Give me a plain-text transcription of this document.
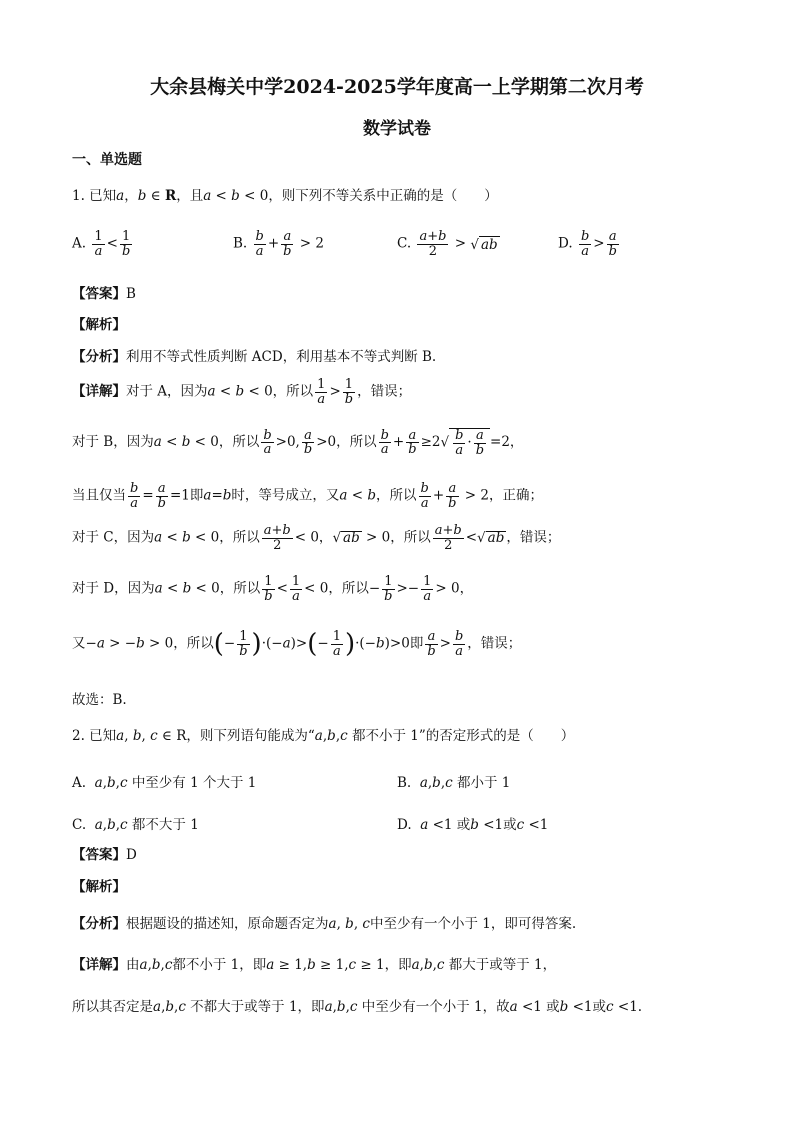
大余县梅关中学2024-2025学年度高一上学期第二次月考
数学试卷
一、单选题
1. 已知a，b ∈ R，且a < b < 0，则下列不等关系中正确的是（　　）
A. $\frac{1}{a} < \frac{1}{b}$	B. $\frac{b}{a} + \frac{a}{b} > 2$	C. $\frac{a+b}{2}$ > √ ab	D. $\frac{b}{a} > \frac{a}{b}$
【答案】B
【解析】
【分析】利用不等式性质判断 ACD，利用基本不等式判断 B.
【详解】对于 A，因为a < b < 0，所以 $\frac{1}{a} > \frac{1}{b}$ ，错误；
对于 B，因为a < b < 0，所以 $\frac{b}{a} >0$, $\frac{a}{b} >0$，所以 $\frac{b}{a} + \frac{a}{b} \ge 2√ \frac{b}{a} \cdot \frac{a}{b} =2$，
当且仅当 $\frac{b}{a} = \frac{a}{b} =1$即a=b时，等号成立，又a < b，所以 $\frac{b}{a} + \frac{a}{b} > 2$，正确；
对于 C，因为a < b < 0，所以 $\frac{a+b}{2} < 0$，√ ab > 0，所以 $\frac{a+b}{2}$ <√ ab ，错误；
对于 D，因为a < b < 0，所以 $\frac{1}{b} < \frac{1}{a} < 0$，所以− $\frac{1}{b} >- \frac{1}{a} > 0$，
又−a > −b > 0，所以(− $\frac{1}{b} )\cdot(-a)>(- \frac{1}{a} )\cdot(-b)>0$即 $\frac{a}{b} > \frac{b}{a}$ ，错误；
故选：B.
2. 已知a, b, c ∈ R，则下列语句能成为“a,b,c 都不小于 1”的否定形式的是（　　）
A. a,b,c 中至少有 1 个大于 1	B. a,b,c 都小于 1
C. a,b,c 都不大于 1	D. a <1 或b <1或c <1
【答案】D
【解析】
【分析】根据题设的描述知，原命题否定为a, b, c中至少有一个小于 1，即可得答案.
【详解】由a,b,c都不小于 1，即a ≥ 1,b ≥ 1,c ≥ 1，即a,b,c 都大于或等于 1，
所以其否定是a,b,c 不都大于或等于 1，即a,b,c 中至少有一个小于 1，故a <1 或b <1或c <1.
